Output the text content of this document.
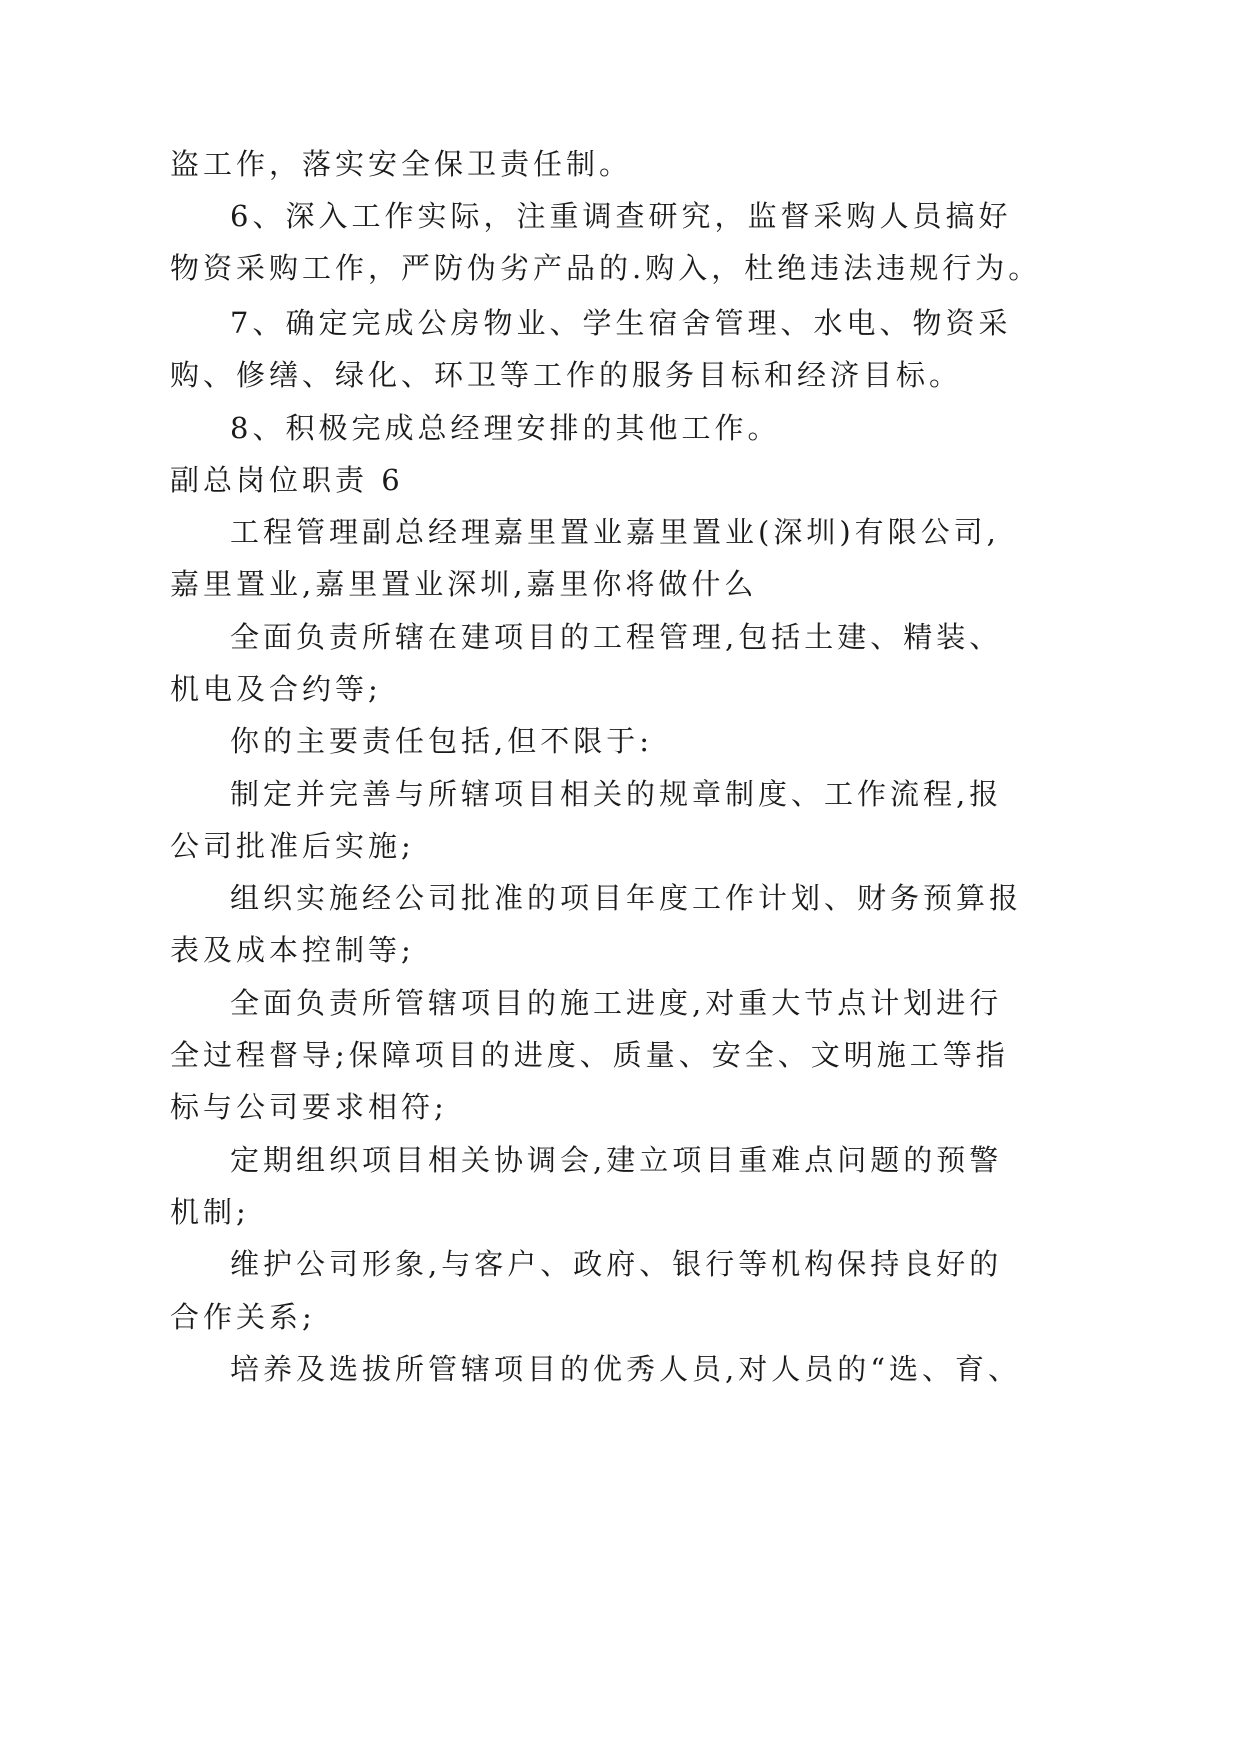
盗工作，落实安全保卫责任制。
6、深入工作实际，注重调查研究，监督采购人员搞好
物资采购工作，严防伪劣产品的.购入，杜绝违法违规行为。
7、确定完成公房物业、学生宿舍管理、水电、物资采
购、修缮、绿化、环卫等工作的服务目标和经济目标。
8、积极完成总经理安排的其他工作。
副总岗位职责 6
工程管理副总经理嘉里置业嘉里置业(深圳)有限公司,
嘉里置业,嘉里置业深圳,嘉里你将做什么
全面负责所辖在建项目的工程管理,包括土建、精装、
机电及合约等;
你的主要责任包括,但不限于:
制定并完善与所辖项目相关的规章制度、工作流程,报
公司批准后实施;
组织实施经公司批准的项目年度工作计划、财务预算报
表及成本控制等;
全面负责所管辖项目的施工进度,对重大节点计划进行
全过程督导;保障项目的进度、质量、安全、文明施工等指
标与公司要求相符;
定期组织项目相关协调会,建立项目重难点问题的预警
机制;
维护公司形象,与客户、政府、银行等机构保持良好的
合作关系;
培养及选拔所管辖项目的优秀人员,对人员的“选、育、
